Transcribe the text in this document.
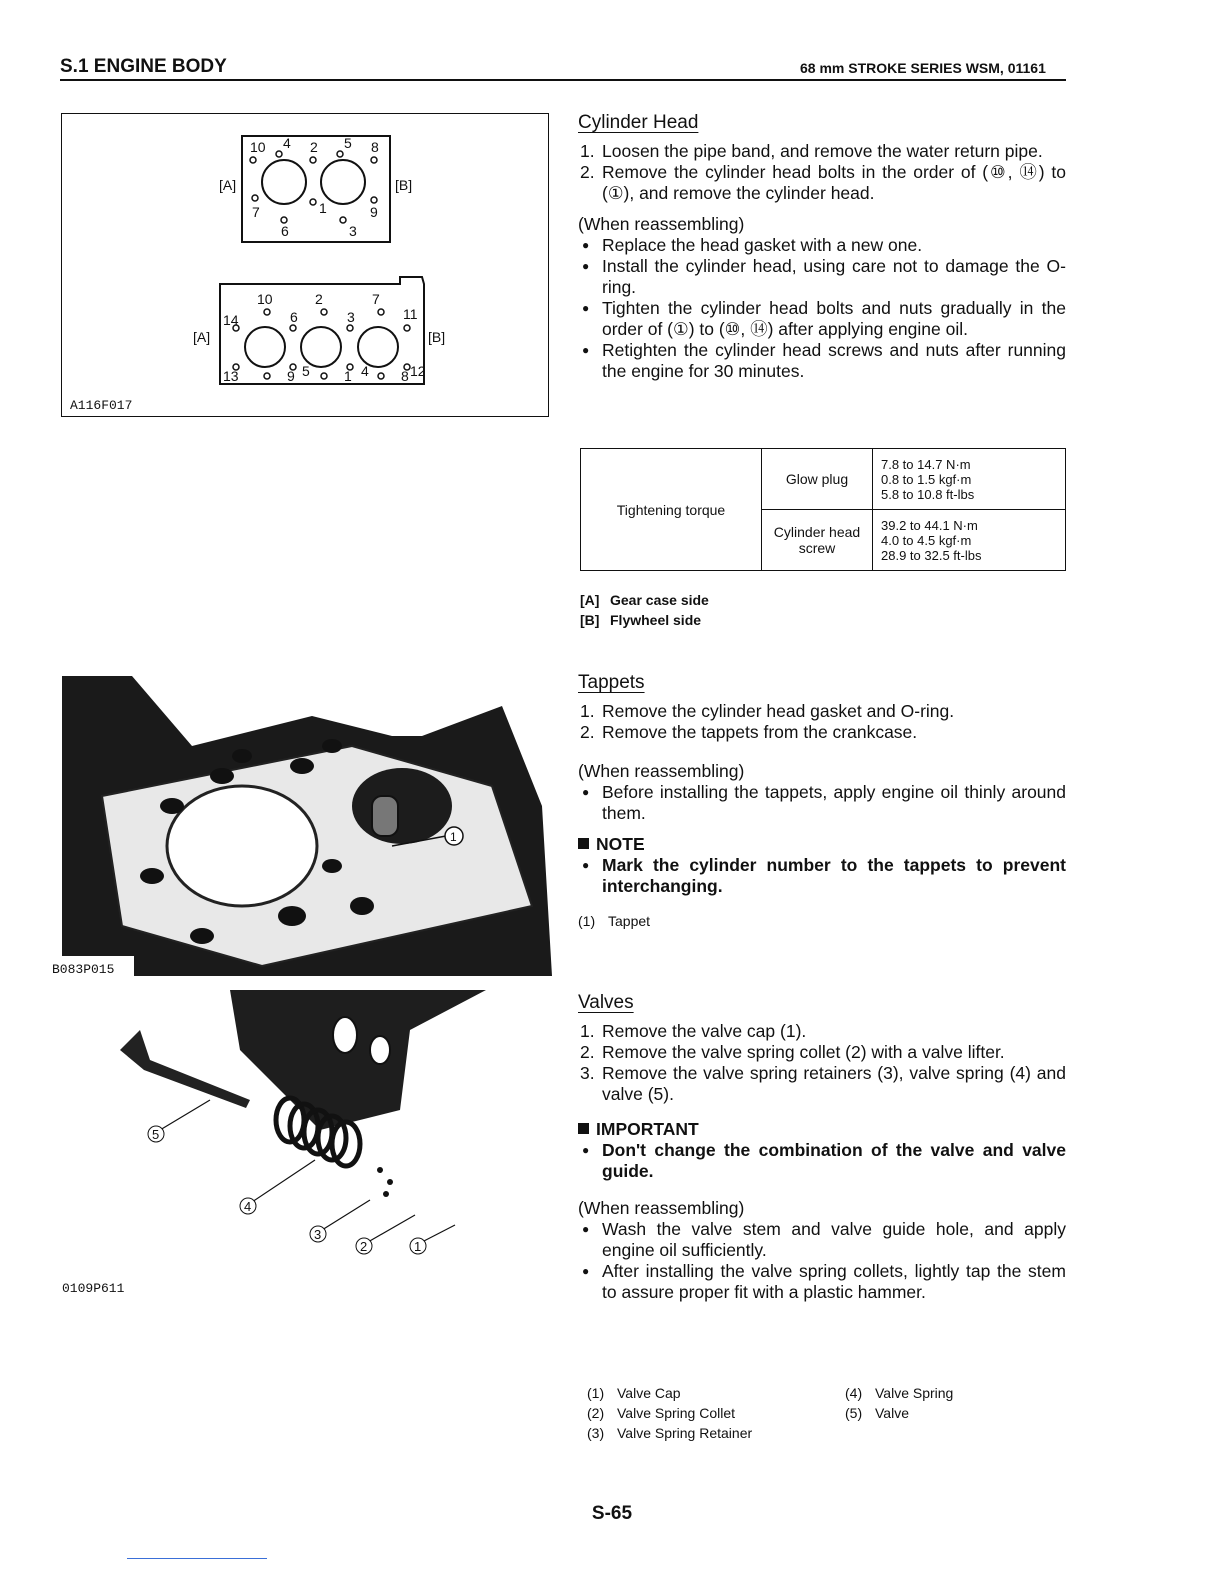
S.1 ENGINE BODY	68 mm STROKE SERIES WSM, 01161
[A]	[B]
10 4 2 5 8
7	1	9
6	3
[A]	[B]
10	2	7
14	6	3	11
13	9 5 1 4 8 12
A116F017
1
B083P015
5
4
3
2	1
0109P611
Cylinder Head
1. Loosen the pipe band, and remove the water return pipe.
2. Remove the cylinder head bolts in the order of (⑩, ⑭) to (①), and remove the cylinder head.
(When reassembling)
● Replace the head gasket with a new one.
● Install the cylinder head, using care not to damage the O-ring.
● Tighten the cylinder head bolts and nuts gradually in the order of (①) to (⑩, ⑭) after applying engine oil.
● Retighten the cylinder head screws and nuts after running the engine for 30 minutes.
Tightening torque	Glow plug	7.8 to 14.7 N·m
0.8 to 1.5 kgf·m
5.8 to 10.8 ft-lbs

	Cylinder head screw	39.2 to 44.1 N·m
4.0 to 4.5 kgf·m
28.9 to 32.5 ft-lbs
[A] Gear case side
[B] Flywheel side
Tappets
1. Remove the cylinder head gasket and O-ring.
2. Remove the tappets from the crankcase.
(When reassembling)
● Before installing the tappets, apply engine oil thinly around them.
NOTE
● Mark the cylinder number to the tappets to prevent interchanging.
(1) Tappet
Valves
1. Remove the valve cap (1).
2. Remove the valve spring collet (2) with a valve lifter.
3. Remove the valve spring retainers (3), valve spring (4) and valve (5).
IMPORTANT
● Don't change the combination of the valve and valve guide.
(When reassembling)
● Wash the valve stem and valve guide hole, and apply engine oil sufficiently.
● After installing the valve spring collets, lightly tap the stem to assure proper fit with a plastic hammer.
(1) Valve Cap
(2) Valve Spring Collet
(3) Valve Spring Retainer
(4) Valve Spring
(5) Valve
S-65
